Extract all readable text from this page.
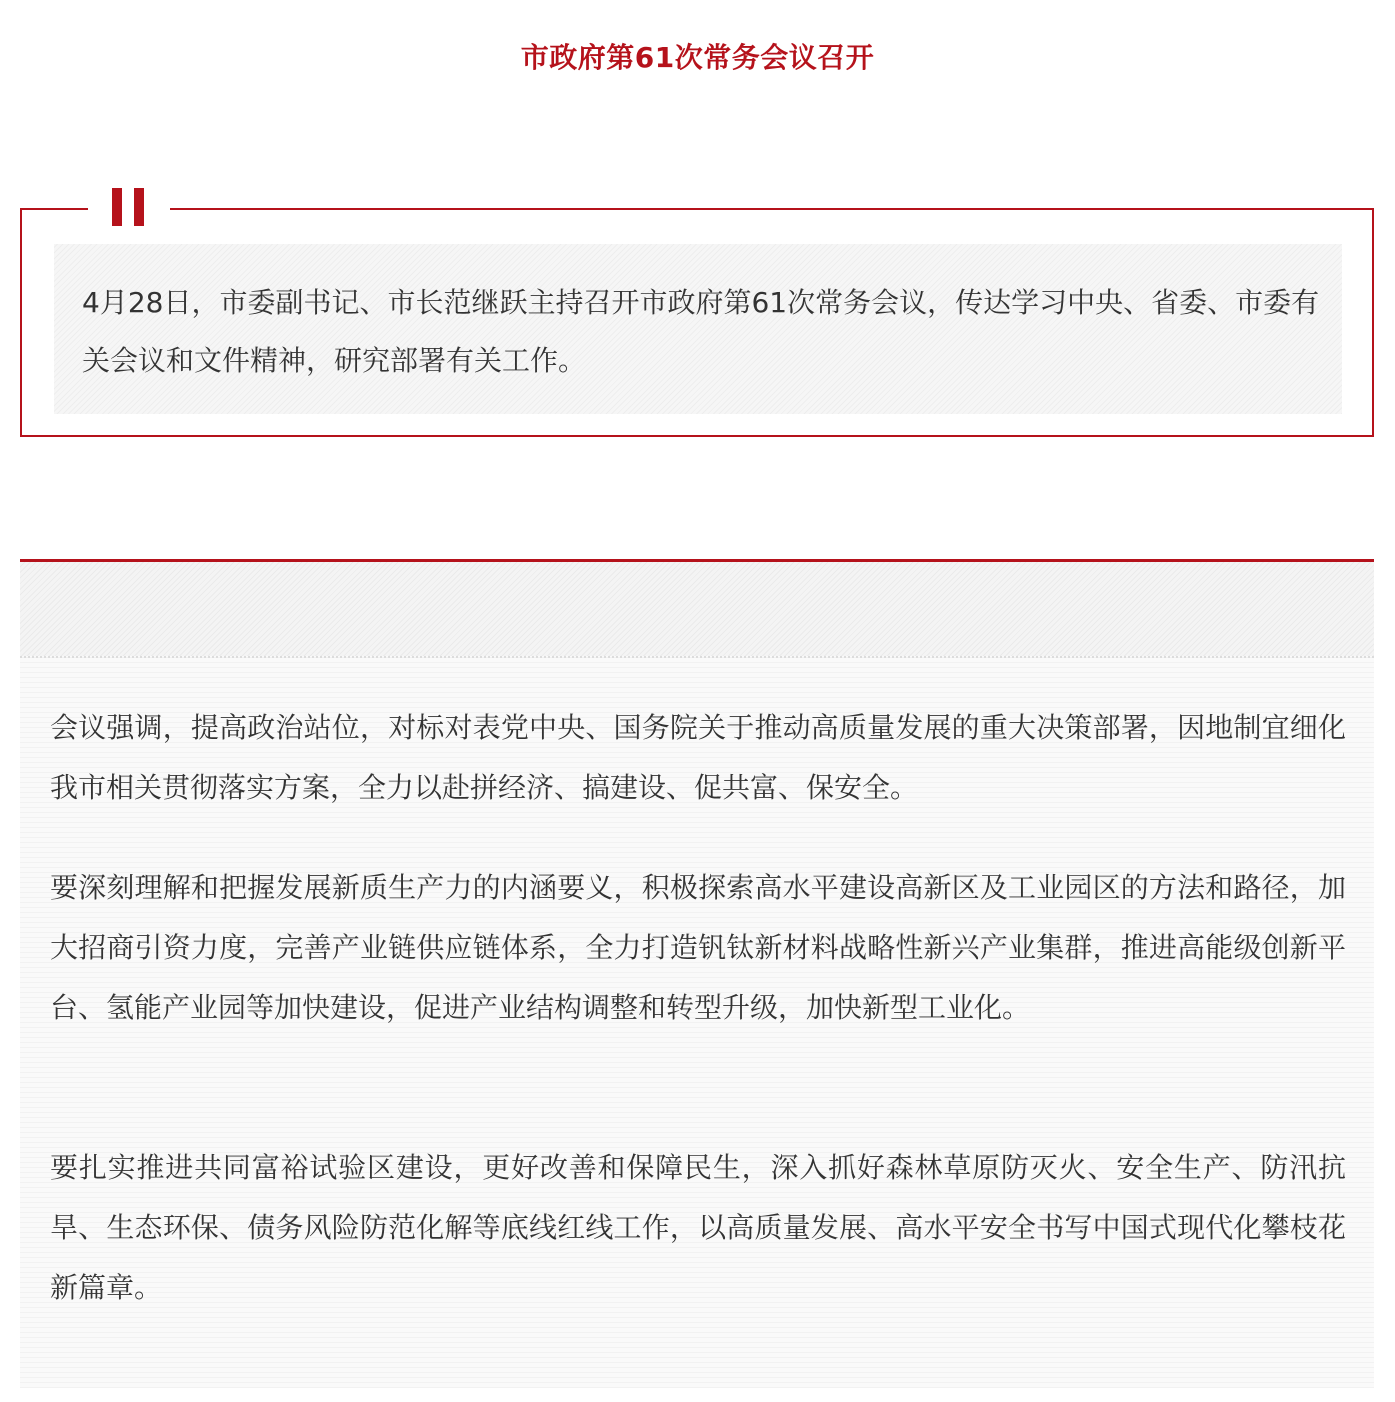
市政府第61次常务会议召开

4月28日，市委副书记、市长范继跃主持召开市政府第61次常务会议，传达学习中央、省委、市委有关会议和文件精神，研究部署有关工作。

会议强调，提高政治站位，对标对表党中央、国务院关于推动高质量发展的重大决策部署，因地制宜细化我市相关贯彻落实方案，全力以赴拼经济、搞建设、促共富、保安全。

要深刻理解和把握发展新质生产力的内涵要义，积极探索高水平建设高新区及工业园区的方法和路径，加大招商引资力度，完善产业链供应链体系，全力打造钒钛新材料战略性新兴产业集群，推进高能级创新平台、氢能产业园等加快建设，促进产业结构调整和转型升级，加快新型工业化。

要扎实推进共同富裕试验区建设，更好改善和保障民生，深入抓好森林草原防灭火、安全生产、防汛抗旱、生态环保、债务风险防范化解等底线红线工作，以高质量发展、高水平安全书写中国式现代化攀枝花新篇章。
